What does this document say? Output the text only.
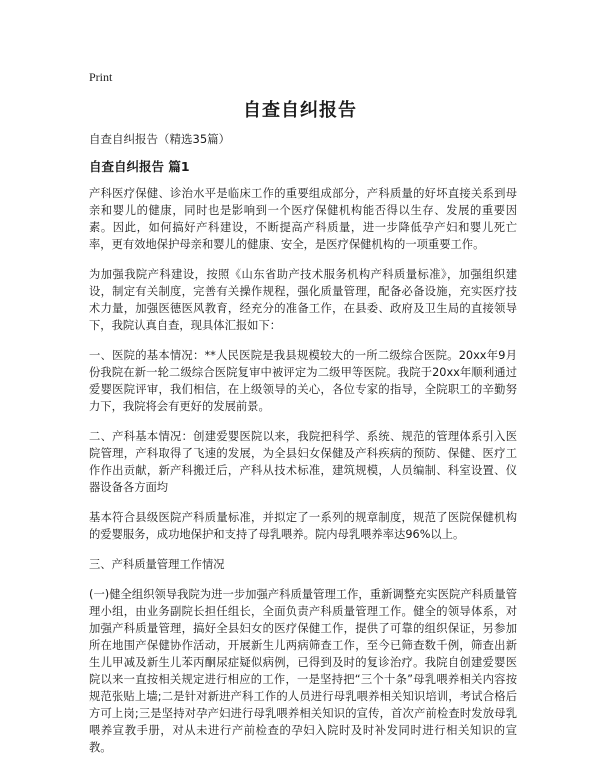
Print
自查自纠报告
自查自纠报告（精选35篇）
自查自纠报告 篇1

产科医疗保健、诊治水平是临床工作的重要组成部分，产科质量的好坏直接关系到母亲和婴儿的健康，同时也是影响到一个医疗保健机构能否得以生存、发展的重要因素。因此，如何搞好产科建设，不断提高产科质量，进一步降低孕产妇和婴儿死亡率，更有效地保护母亲和婴儿的健康、安全，是医疗保健机构的一项重要工作。

为加强我院产科建设，按照《山东省助产技术服务机构产科质量标准》，加强组织建设，制定有关制度，完善有关操作规程，强化质量管理，配备必备设施，充实医疗技术力量，加强医德医风教育，经充分的准备工作，在县委、政府及卫生局的直接领导下，我院认真自查，现具体汇报如下：

一、医院的基本情况：**人民医院是我县规模较大的一所二级综合医院。20xx年9月份我院在新一轮二级综合医院复审中被评定为二级甲等医院。我院于20xx年顺利通过爱婴医院评审，我们相信，在上级领导的关心，各位专家的指导，全院职工的辛勤努力下，我院将会有更好的发展前景。

二、产科基本情况：创建爱婴医院以来，我院把科学、系统、规范的管理体系引入医院管理，产科取得了飞速的发展，为全县妇女保健及产科疾病的预防、保健、医疗工作作出贡献，新产科搬迁后，产科从技术标准，建筑规模，人员编制、科室设置、仪器设备各方面均

基本符合县级医院产科质量标准，并拟定了一系列的规章制度，规范了医院保健机构的爱婴服务，成功地保护和支持了母乳喂养。院内母乳喂养率达96%以上。

三、产科质量管理工作情况

(一)健全组织领导我院为进一步加强产科质量管理工作，重新调整充实医院产科质量管理小组，由业务副院长担任组长，全面负责产科质量管理工作。健全的领导体系，对加强产科质量管理，搞好全县妇女的医疗保健工作，提供了可靠的组织保证，另参加所在地围产保健协作活动，开展新生儿两病筛查工作，至今已筛查数千例，筛查出新生儿甲减及新生儿苯丙酮尿症疑似病例，已得到及时的复诊治疗。我院自创建爱婴医院以来一直按相关规定进行相应的工作，一是坚持把“三个十条”母乳喂养相关内容按规范张贴上墙;二是针对新进产科工作的人员进行母乳喂养相关知识培训，考试合格后方可上岗;三是坚持对孕产妇进行母乳喂养相关知识的宣传，首次产前检查时发放母乳喂养宣教手册，对从未进行产前检查的孕妇入院时及时补发同时进行相关知识的宣教。
